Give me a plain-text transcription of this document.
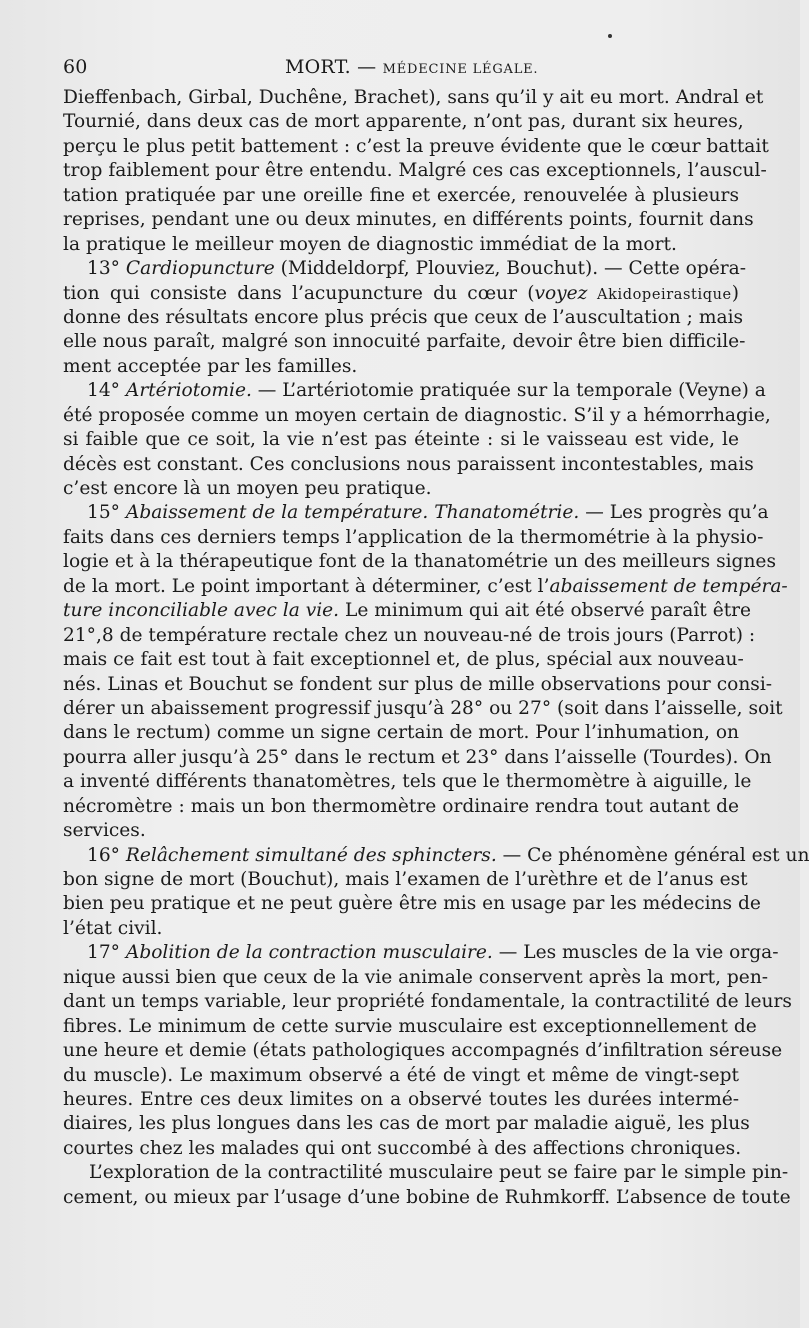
60	MORT. — MÉDECINE LÉGALE.
Dieffenbach, Girbal, Duchêne, Brachet), sans qu’il y ait eu mort. Andral et
Tournié, dans deux cas de mort apparente, n’ont pas, durant six heures,
perçu le plus petit battement : c’est la preuve évidente que le cœur battait
trop faiblement pour être entendu. Malgré ces cas exceptionnels, l’auscul-
tation pratiquée par une oreille fine et exercée, renouvelée à plusieurs
reprises, pendant une ou deux minutes, en différents points, fournit dans
la pratique le meilleur moyen de diagnostic immédiat de la mort.
13° Cardiopuncture (Middeldorpf, Plouviez, Bouchut). — Cette opéra-
tion qui consiste dans l’acupuncture du cœur (voyez Akidopeirastique)
donne des résultats encore plus précis que ceux de l’auscultation ; mais
elle nous paraît, malgré son innocuité parfaite, devoir être bien difficile-
ment acceptée par les familles.
14° Artériotomie. — L’artériotomie pratiquée sur la temporale (Veyne) a
été proposée comme un moyen certain de diagnostic. S’il y a hémorrhagie,
si faible que ce soit, la vie n’est pas éteinte : si le vaisseau est vide, le
décès est constant. Ces conclusions nous paraissent incontestables, mais
c’est encore là un moyen peu pratique.
15° Abaissement de la température. Thanatométrie. — Les progrès qu’a
faits dans ces derniers temps l’application de la thermométrie à la physio-
logie et à la thérapeutique font de la thanatométrie un des meilleurs signes
de la mort. Le point important à déterminer, c’est l’abaissement de tempéra-
ture inconciliable avec la vie. Le minimum qui ait été observé paraît être
21°,8 de température rectale chez un nouveau-né de trois jours (Parrot) :
mais ce fait est tout à fait exceptionnel et, de plus, spécial aux nouveau-
nés. Linas et Bouchut se fondent sur plus de mille observations pour consi-
dérer un abaissement progressif jusqu’à 28° ou 27° (soit dans l’aisselle, soit
dans le rectum) comme un signe certain de mort. Pour l’inhumation, on
pourra aller jusqu’à 25° dans le rectum et 23° dans l’aisselle (Tourdes). On
a inventé différents thanatomètres, tels que le thermomètre à aiguille, le
nécromètre : mais un bon thermomètre ordinaire rendra tout autant de
services.
16° Relâchement simultané des sphincters. — Ce phénomène général est un
bon signe de mort (Bouchut), mais l’examen de l’urèthre et de l’anus est
bien peu pratique et ne peut guère être mis en usage par les médecins de
l’état civil.
17° Abolition de la contraction musculaire. — Les muscles de la vie orga-
nique aussi bien que ceux de la vie animale conservent après la mort, pen-
dant un temps variable, leur propriété fondamentale, la contractilité de leurs
fibres. Le minimum de cette survie musculaire est exceptionnellement de
une heure et demie (états pathologiques accompagnés d’infiltration séreuse
du muscle). Le maximum observé a été de vingt et même de vingt-sept
heures. Entre ces deux limites on a observé toutes les durées intermé-
diaires, les plus longues dans les cas de mort par maladie aiguë, les plus
courtes chez les malades qui ont succombé à des affections chroniques.
L’exploration de la contractilité musculaire peut se faire par le simple pin-
cement, ou mieux par l’usage d’une bobine de Ruhmkorff. L’absence de toute
